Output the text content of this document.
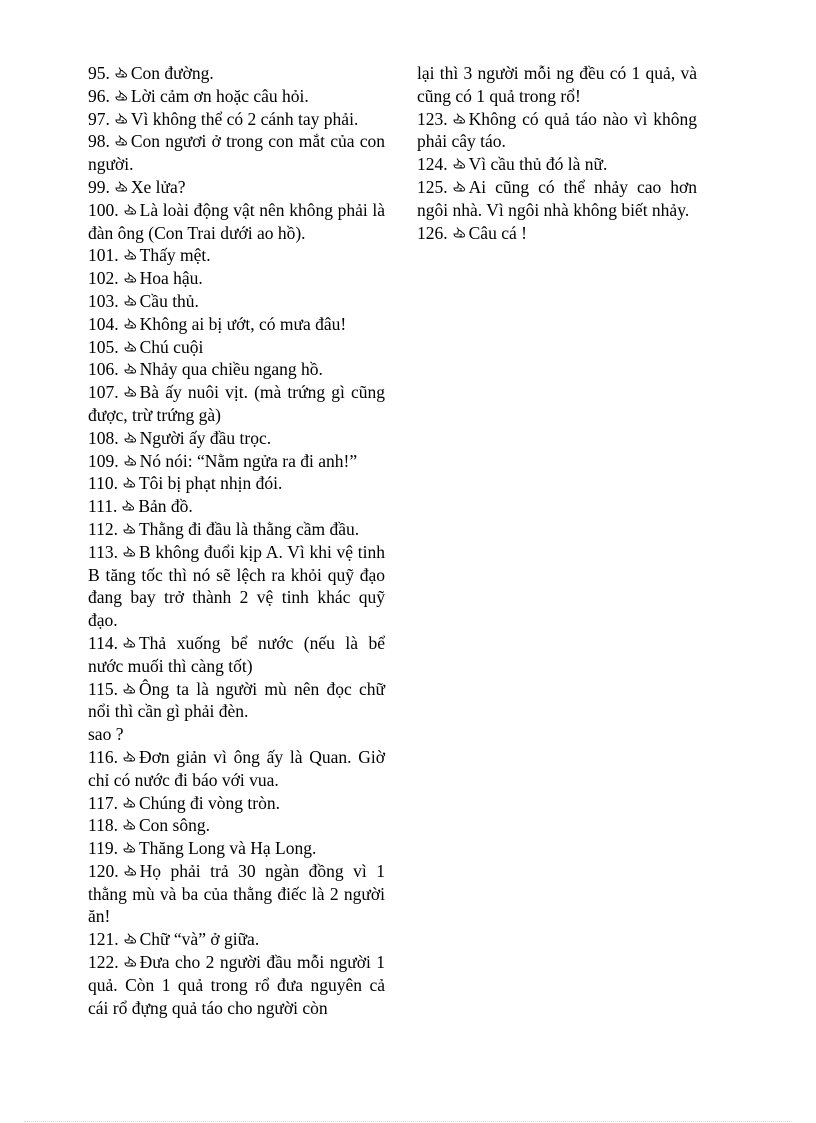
95. Con đường.

96. Lời cảm ơn hoặc câu hỏi.

97. Vì không thể có 2 cánh tay phải.

98. Con ngươi ở trong con mắt của con người.

99. Xe lửa?

100. Là loài động vật nên không phải là đàn ông (Con Trai dưới ao hồ).

101. Thấy mệt.

102. Hoa hậu.

103. Cầu thủ.

104. Không ai bị ướt, có mưa đâu!

105. Chú cuội

106. Nhảy qua chiều ngang hồ.

107. Bà ấy nuôi vịt. (mà trứng gì cũng được, trừ trứng gà)

108. Người ấy đầu trọc.

109. Nó nói: “Nằm ngửa ra đi anh!”

110. Tôi bị phạt nhịn đói.

111. Bản đồ.

112. Thằng đi đầu là thằng cầm đầu.

113. B không đuổi kịp A. Vì khi vệ tinh B tăng tốc thì nó sẽ lệch ra khỏi quỹ đạo đang bay trở thành 2 vệ tinh khác quỹ đạo.

114. Thả xuống bể nước (nếu là bể nước muối thì càng tốt)

115. Ông ta là người mù nên đọc chữ nổi thì cần gì phải đèn.

sao ?

116. Đơn giản vì ông ấy là Quan. Giờ chỉ có nước đi báo với vua.

117. Chúng đi vòng tròn.

118. Con sông.

119. Thăng Long và Hạ Long.

120. Họ phải trả 30 ngàn đồng vì 1 thằng mù và ba của thằng điếc là 2 người ăn!

121. Chữ “và” ở giữa.

122. Đưa cho 2 người đầu mỗi người 1 quả. Còn 1 quả trong rổ đưa nguyên cả cái rổ đựng quả táo cho người còn

lại thì 3 người mỗi ng đều có 1 quả, và cũng có 1 quả trong rổ!

123. Không có quả táo nào vì không phải cây táo.

124. Vì cầu thủ đó là nữ.

125. Ai cũng có thể nhảy cao hơn ngôi nhà. Vì ngôi nhà không biết nhảy.

126. Câu cá !
